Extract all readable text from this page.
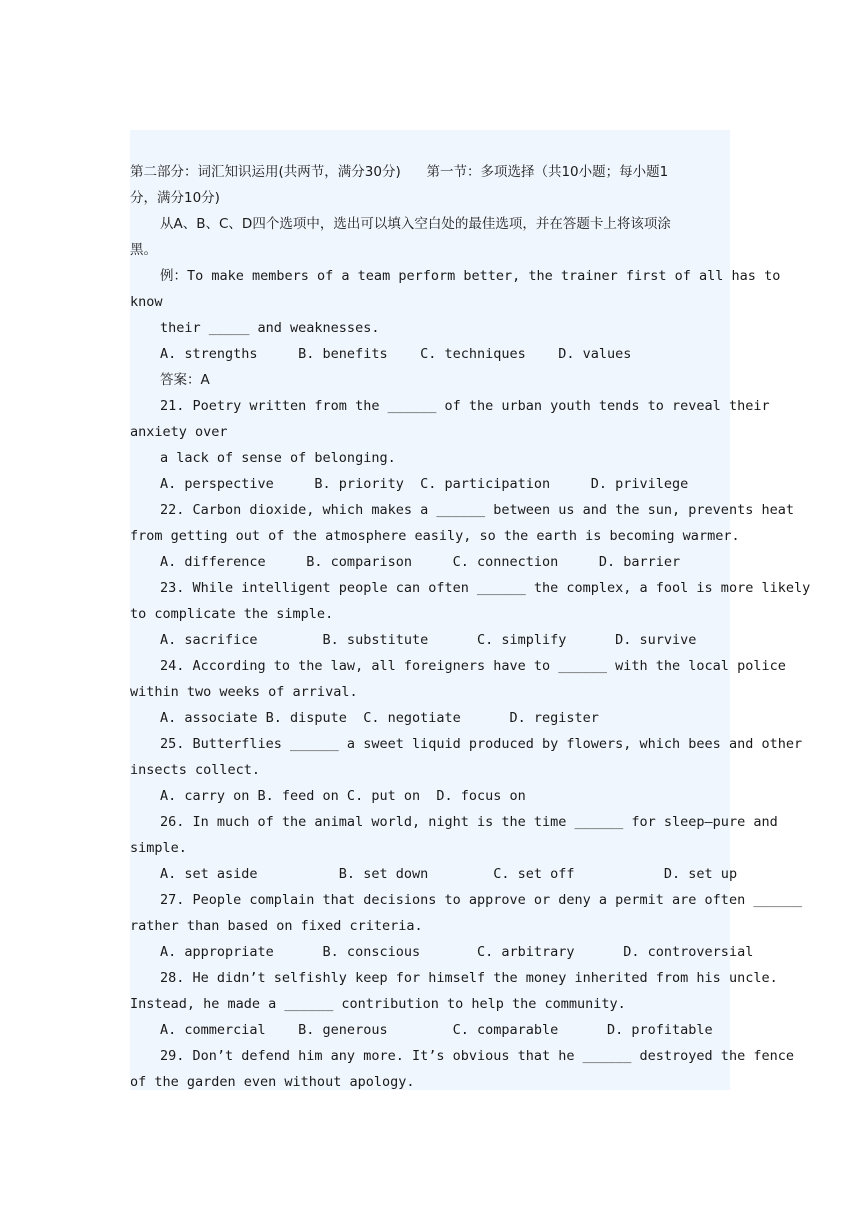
第二部分：词汇知识运用(共两节，满分30分)      第一节：多项选择（共10小题；每小题1
分，满分10分)
从A、B、C、D四个选项中，选出可以填入空白处的最佳选项，并在答题卡上将该项涂
黑。
例：To make members of a team perform better, the trainer first of all has to
know
their _____ and weaknesses.
A. strengths     B. benefits    C. techniques    D. values
答案：A
21. Poetry written from the ______ of the urban youth tends to reveal their
anxiety over
a lack of sense of belonging.
A. perspective     B. priority  C. participation     D. privilege
22. Carbon dioxide, which makes a ______ between us and the sun, prevents heat
from getting out of the atmosphere easily, so the earth is becoming warmer.
A. difference     B. comparison     C. connection     D. barrier
23. While intelligent people can often ______ the complex, a fool is more likely
to complicate the simple.
A. sacrifice        B. substitute      C. simplify      D. survive
24. According to the law, all foreigners have to ______ with the local police
within two weeks of arrival.
A. associate B. dispute  C. negotiate      D. register
25. Butterflies ______ a sweet liquid produced by flowers, which bees and other
insects collect.
A. carry on B. feed on C. put on  D. focus on
26. In much of the animal world, night is the time ______ for sleep—pure and
simple.
A. set aside          B. set down        C. set off           D. set up
27. People complain that decisions to approve or deny a permit are often ______
rather than based on fixed criteria.
A. appropriate      B. conscious       C. arbitrary      D. controversial
28. He didn’t selfishly keep for himself the money inherited from his uncle.
Instead, he made a ______ contribution to help the community.
A. commercial    B. generous        C. comparable      D. profitable
29. Don’t defend him any more. It’s obvious that he ______ destroyed the fence
of the garden even without apology.
